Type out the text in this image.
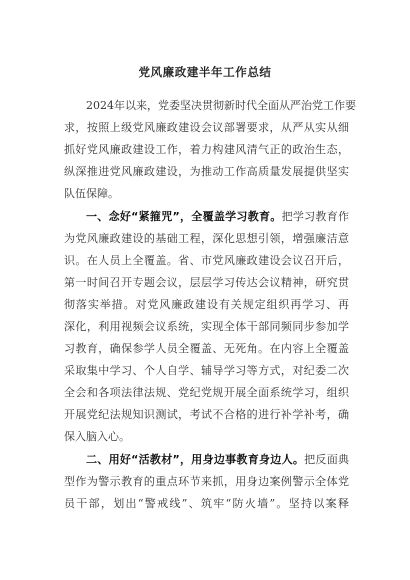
党风廉政建半年工作总结
2024年以来，党委坚决贯彻新时代全面从严治党工作要
求，按照上级党风廉政建设会议部署要求，从严从实从细
抓好党风廉政建设工作，着力构建风清气正的政治生态，
纵深推进党风廉政建设，为推动工作高质量发展提供坚实
队伍保障。
一、念好“紧箍咒”，全覆盖学习教育。把学习教育作
为党风廉政建设的基础工程，深化思想引领，增强廉洁意
识。在人员上全覆盖。省、市党风廉政建设会议召开后，
第一时间召开专题会议，层层学习传达会议精神，研究贯
彻落实举措。对党风廉政建设有关规定组织再学习、再
深化，利用视频会议系统，实现全体干部同频同步参加学
习教育，确保参学人员全覆盖、无死角。在内容上全覆盖
采取集中学习、个人自学、辅导学习等方式，对纪委二次
全会和各项法律法规、党纪党规开展全面系统学习，组织
开展党纪法规知识测试，考试不合格的进行补学补考，确
保入脑入心。
二、用好“活教材”，用身边事教育身边人。把反面典
型作为警示教育的重点环节来抓，用身边案例警示全体党
员干部，划出“警戒线”、筑牢“防火墙”。坚持以案释
